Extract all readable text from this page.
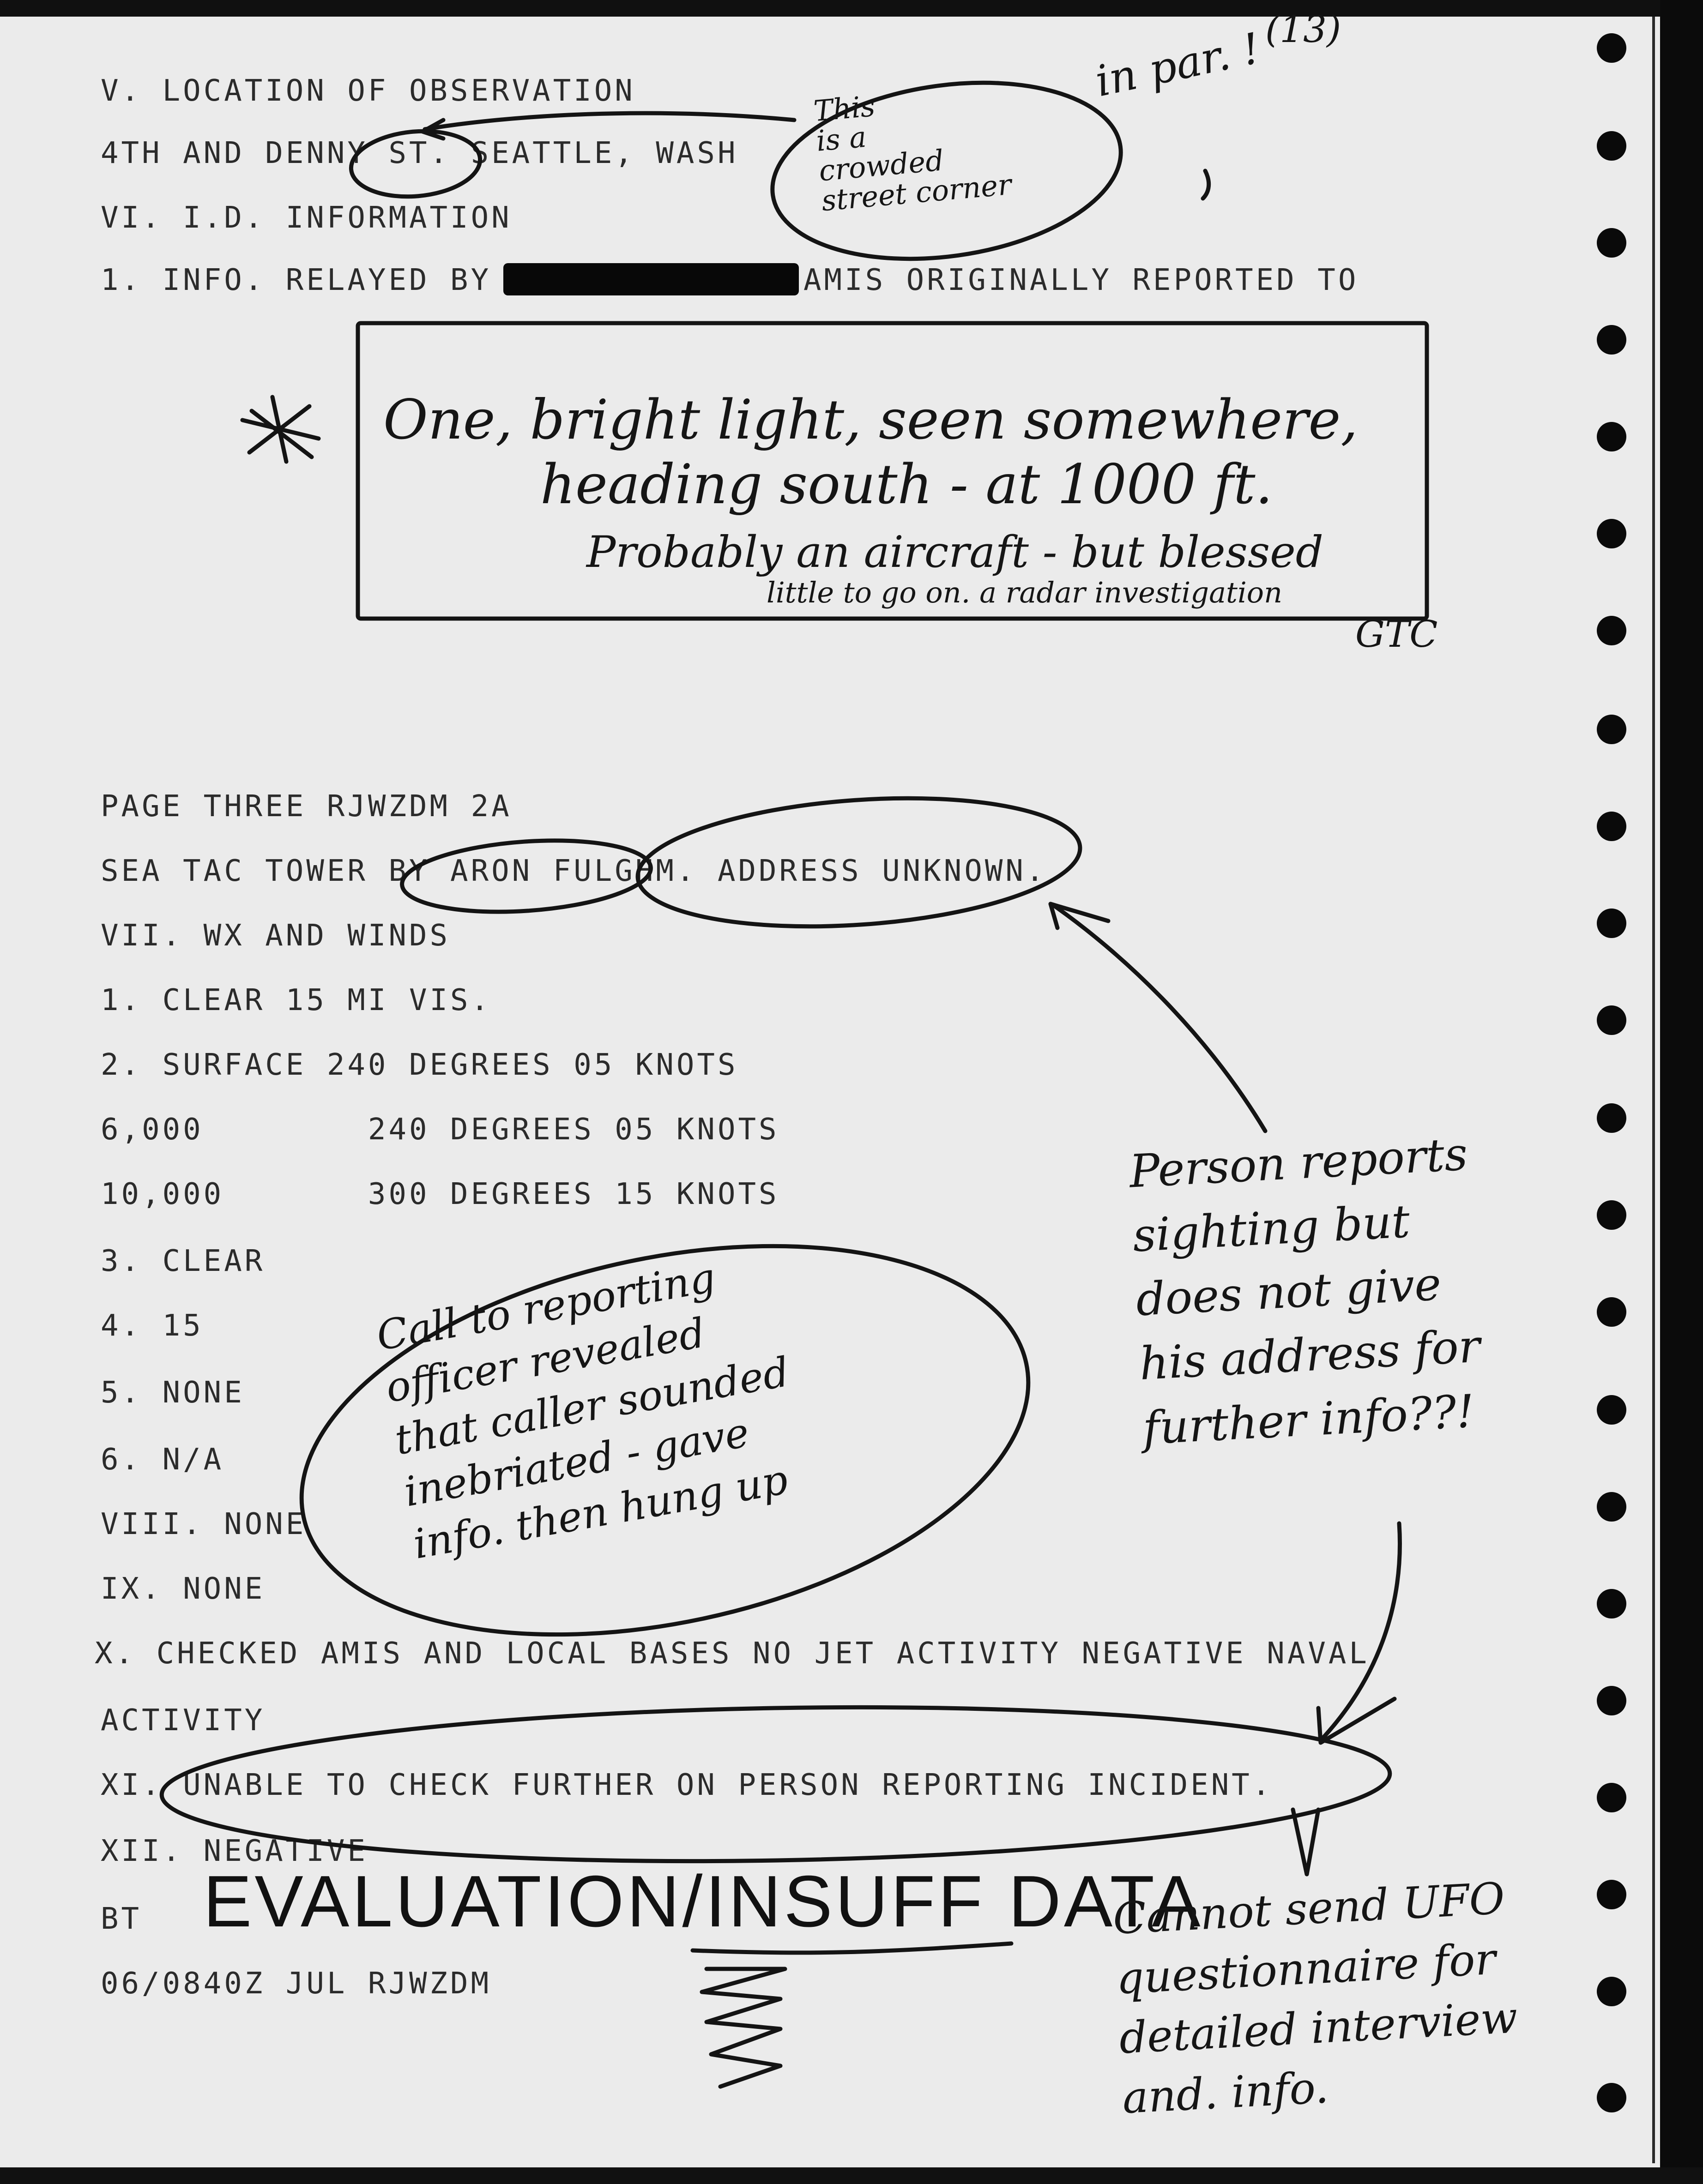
V. LOCATION OF OBSERVATION
4TH AND DENNY ST. SEATTLE, WASH
VI. I.D. INFORMATION
1. INFO. RELAYED BY	AMIS ORIGINALLY REPORTED TO
PAGE THREE RJWZDM 2A
SEA TAC TOWER BY ARON FULGHM. ADDRESS UNKNOWN.
VII. WX AND WINDS
1. CLEAR 15 MI VIS.
2. SURFACE 240 DEGREES 05 KNOTS
6,000        240 DEGREES 05 KNOTS
10,000       300 DEGREES 15 KNOTS
3. CLEAR
4. 15
5. NONE
6. N/A
VIII. NONE
IX. NONE
X. CHECKED AMIS AND LOCAL BASES NO JET ACTIVITY NEGATIVE NAVAL
ACTIVITY
XI. UNABLE TO CHECK FURTHER ON PERSON REPORTING INCIDENT.
XII. NEGATIVE
BT
06/0840Z JUL RJWZDM
(13)
in par. !
This
is a
crowded
street corner
One, bright light, seen somewhere,
heading south - at 1000 ft.
Probably an aircraft - but blessed
little to go on. a radar investigation
GTC
Person reports
sighting but
does not give
his address for
further info??!
Call to reporting
officer revealed
that caller sounded
inebriated - gave
info. then hung up
EVALUATION/INSUFF DATA
Cannot send UFO
questionnaire for
detailed interview
and. info.
